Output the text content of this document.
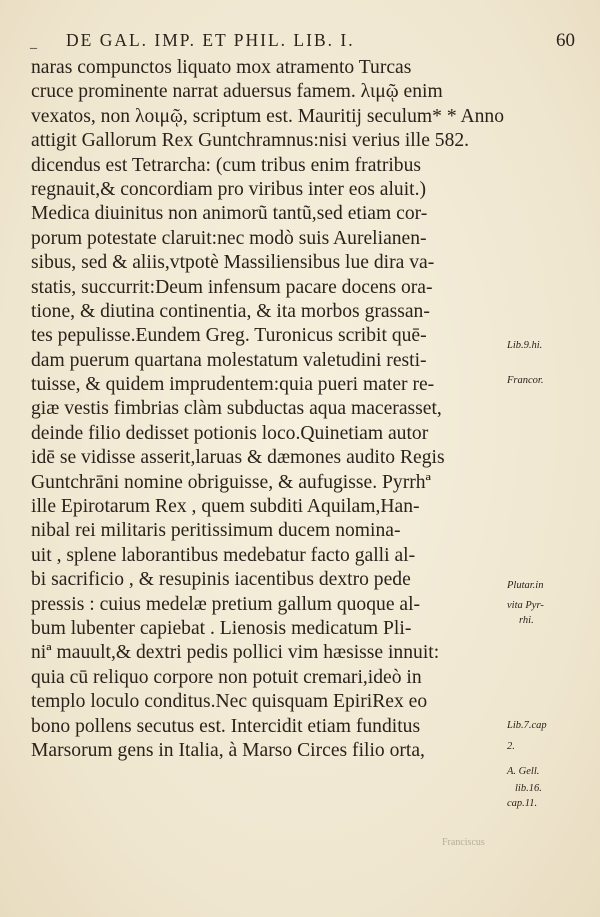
_ DE GAL. IMP. ET PHIL. LIB. I.	60
naras compunctos liquato mox atramento Turcas
cruce prominente narrat aduersus famem. λιμῷ enim
vexatos, non λοιμῷ, scriptum est. Mauritij seculum* * Anno
attigit Gallorum Rex Guntchramnus:nisi verius ille 582.
dicendus est Tetrarcha: (cum tribus enim fratribus
regnauit,& concordiam pro viribus inter eos aluit.)
Medica diuinitus non animorũ tantũ,sed etiam cor-
porum potestate claruit:nec modò suis Aurelianen-
sibus, sed & aliis,vtpotè Massiliensibus lue dira va-
statis, succurrit:Deum infensum pacare docens ora-
tione, & diutina continentia, & ita morbos grassan-
tes pepulisse.Eundem Greg. Turonicus scribit quē-
dam puerum quartana molestatum valetudini resti-
tuisse, & quidem imprudentem:quia pueri mater re-
giæ vestis fimbrias clàm subductas aqua macerasset,
deinde filio dedisset potionis loco.Quinetiam autor
idē se vidisse asserit,laruas & dæmones audito Regis
Guntchrāni nomine obriguisse, & aufugisse. Pyrrhª
ille Epirotarum Rex , quem subditi Aquilam,Han-
nibal rei militaris peritissimum ducem nomina-
uit , splene laborantibus medebatur facto galli al-
bi sacrificio , & resupinis iacentibus dextro pede
pressis : cuius medelæ pretium gallum quoque al-
bum lubenter capiebat . Lienosis medicatum Pli-
niª mauult,& dextri pedis pollici vim hæsisse innuit:
quia cū reliquo corpore non potuit cremari,ideò in
templo loculo conditus.Nec quisquam EpiriRex eo
bono pollens secutus est. Intercidit etiam funditus
Marsorum gens in Italia, à Marso Circes filio orta,
Lib.9.hi.
Francor.
Plutar.in
vita Pyr-
rhi.
Lib.7.cap
2.
A. Gell.
lib.16.
cap.11.
Franciscus
